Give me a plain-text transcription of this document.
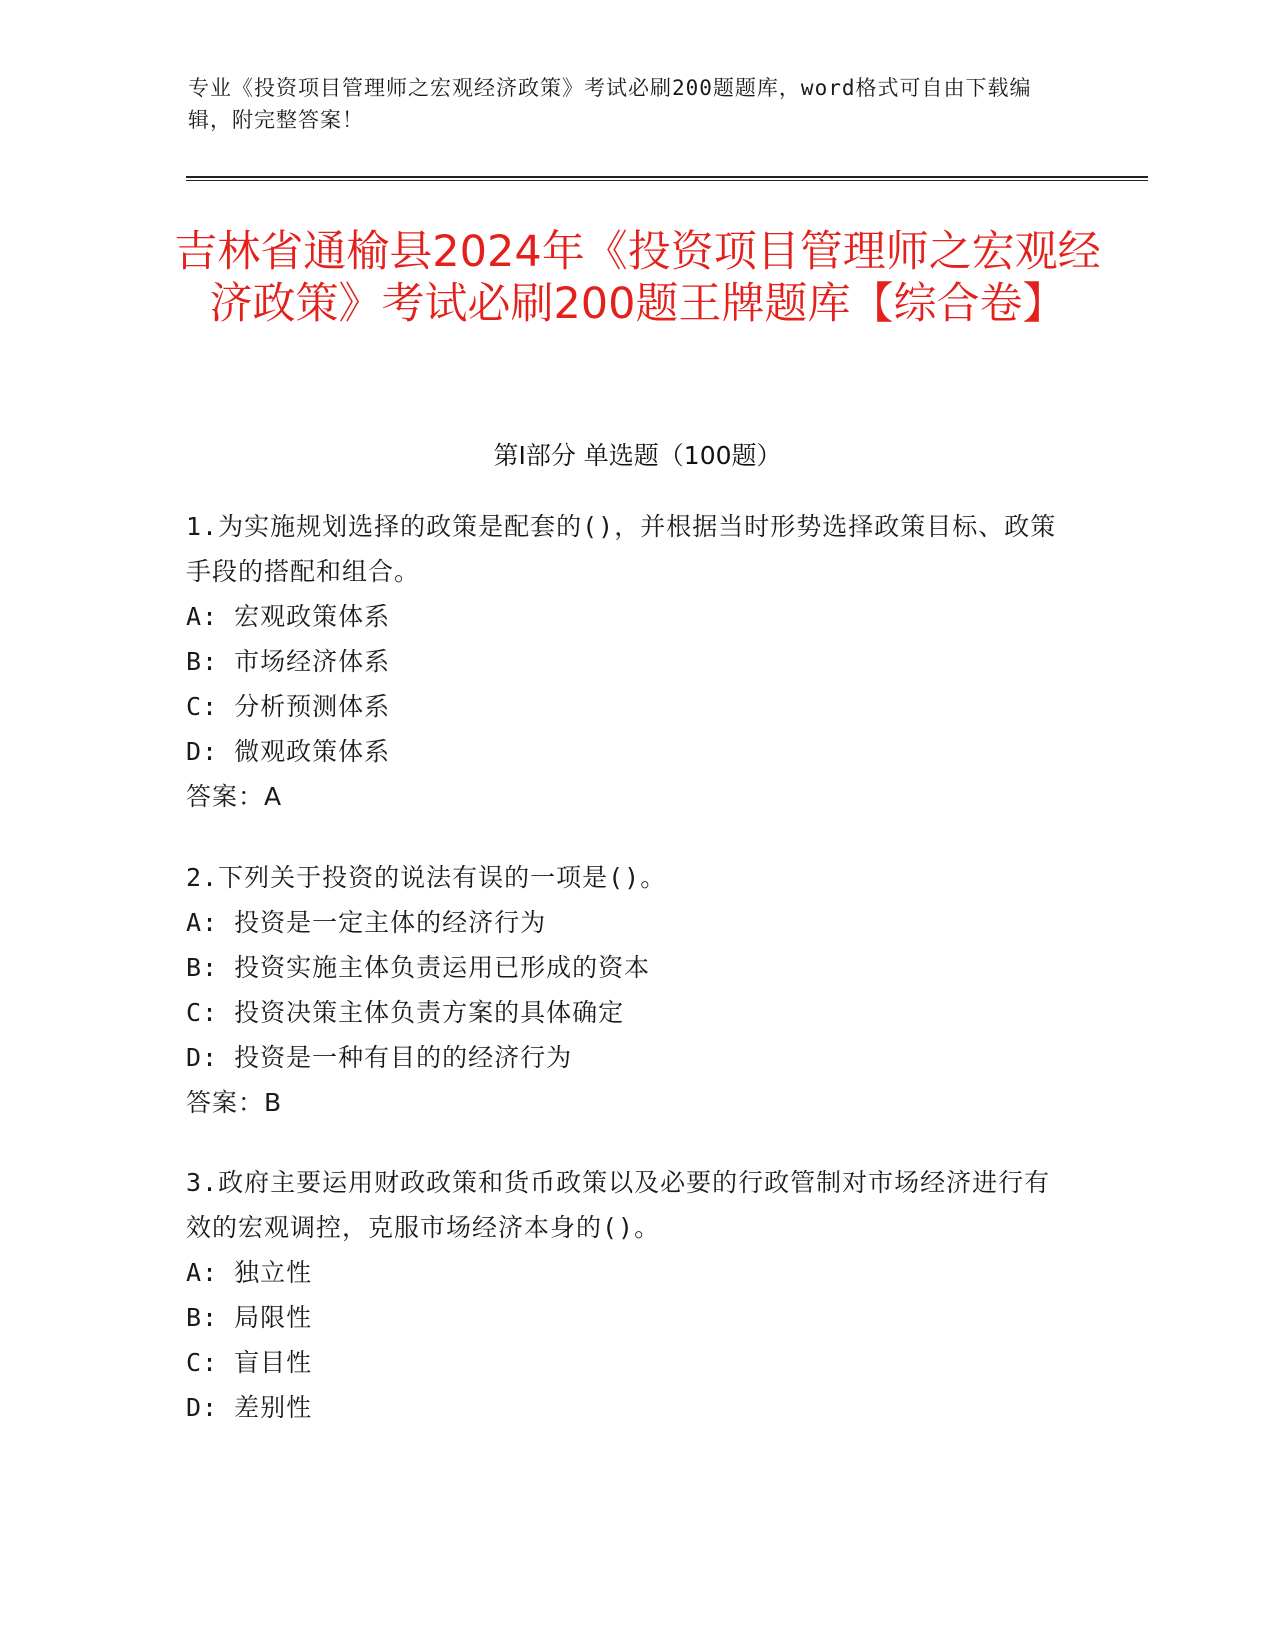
专业《投资项目管理师之宏观经济政策》考试必刷200题题库，word格式可自由下载编辑，附完整答案！
吉林省通榆县2024年《投资项目管理师之宏观经济政策》考试必刷200题王牌题库【综合卷】
第Ⅰ部分 单选题（100题）
1.为实施规划选择的政策是配套的()，并根据当时形势选择政策目标、政策手段的搭配和组合。
A: 宏观政策体系
B: 市场经济体系
C: 分析预测体系
D: 微观政策体系
答案：A
2.下列关于投资的说法有误的一项是()。
A: 投资是一定主体的经济行为
B: 投资实施主体负责运用已形成的资本
C: 投资决策主体负责方案的具体确定
D: 投资是一种有目的的经济行为
答案：B
3.政府主要运用财政政策和货币政策以及必要的行政管制对市场经济进行有效的宏观调控，克服市场经济本身的()。
A: 独立性
B: 局限性
C: 盲目性
D: 差别性
